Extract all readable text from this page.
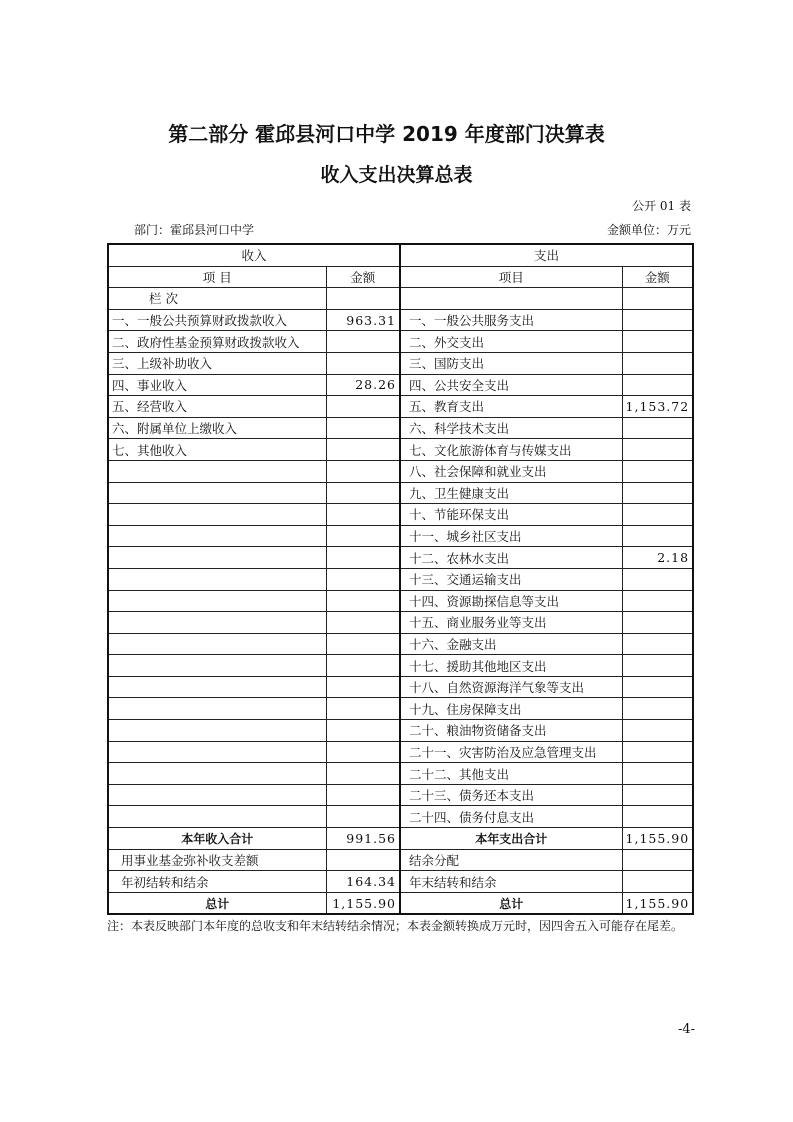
第二部分 霍邱县河口中学 2019 年度部门决算表
收入支出决算总表
公开 01 表
部门：霍邱县河口中学	金额单位：万元
收入		支出	
项 目	金额	项目	金额
栏 次			
一、一般公共预算财政拨款收入	963.31	一、一般公共服务支出	
二、政府性基金预算财政拨款收入		二、外交支出	
三、上级补助收入		三、国防支出	
四、事业收入	28.26	四、公共安全支出	
五、经营收入		五、教育支出	1,153.72
六、附属单位上缴收入		六、科学技术支出	
七、其他收入		七、文化旅游体育与传媒支出	
		八、社会保障和就业支出	
		九、卫生健康支出	
		十、节能环保支出	
		十一、城乡社区支出	
		十二、农林水支出	2.18
		十三、交通运输支出	
		十四、资源勘探信息等支出	
		十五、商业服务业等支出	
		十六、金融支出	
		十七、援助其他地区支出	
		十八、自然资源海洋气象等支出	
		十九、住房保障支出	
		二十、粮油物资储备支出	
		二十一、灾害防治及应急管理支出	
		二十二、其他支出	
		二十三、债务还本支出	
		二十四、债务付息支出	
本年收入合计	991.56	本年支出合计	1,155.90
用事业基金弥补收支差额		结余分配	
年初结转和结余	164.34	年末结转和结余	
总计	1,155.90	总计	1,155.90
注：本表反映部门本年度的总收支和年末结转结余情况；本表金额转换成万元时，因四舍五入可能存在尾差。
-4-
